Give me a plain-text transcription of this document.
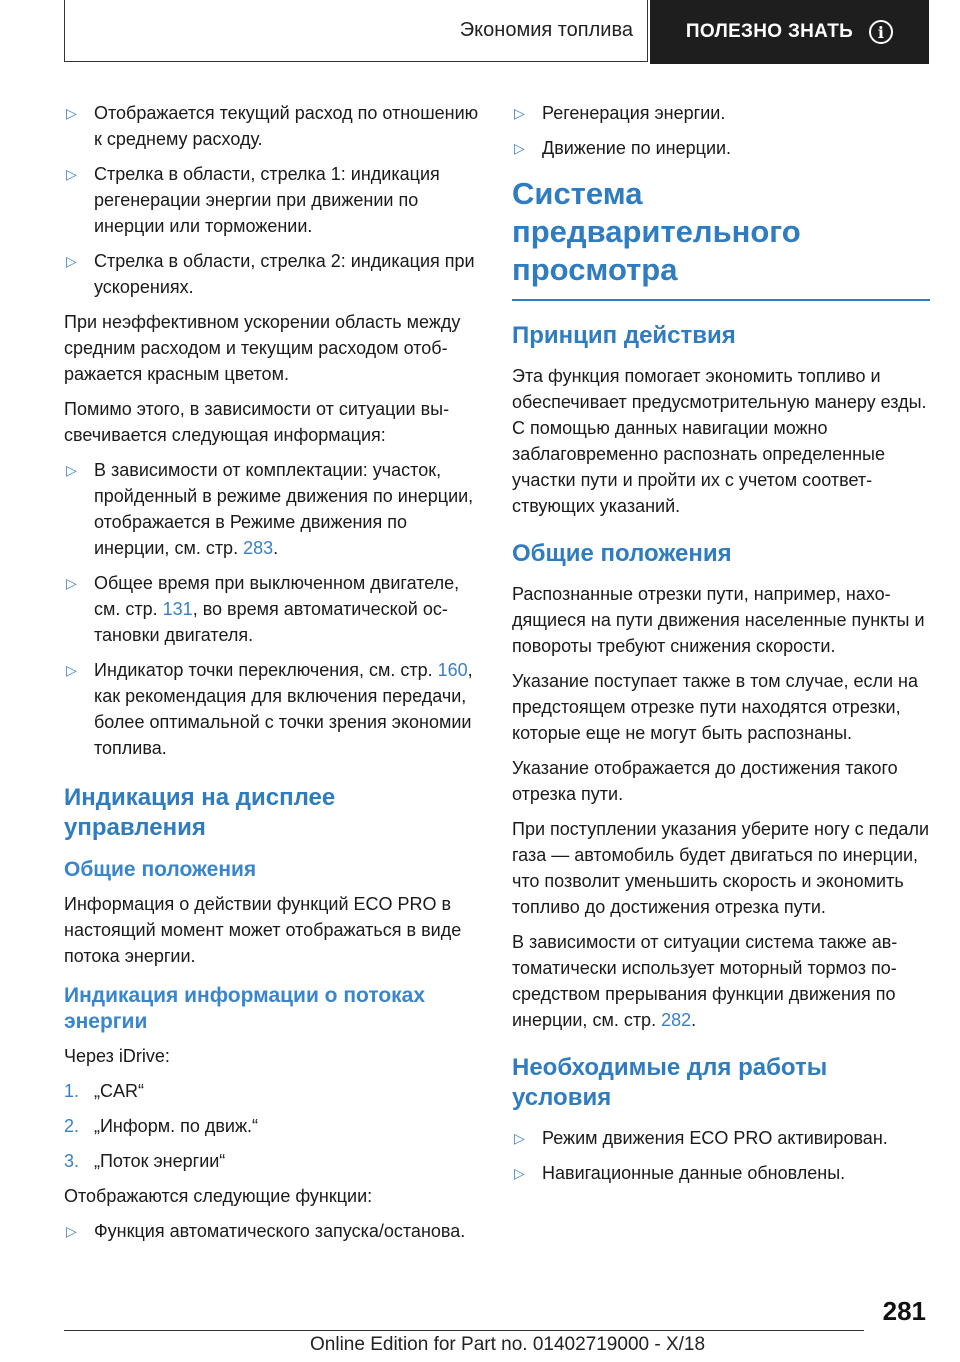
Экономия топлива	ПОЛЕЗНО ЗНАТЬ	i
▷ Отображается текущий расход по отношению к среднему расходу.
▷ Стрелка в области, стрелка 1: индикация регенерации энергии при движении по инерции или торможении.
▷ Стрелка в области, стрелка 2: индикация при ускорениях.

При неэффективном ускорении область между средним расходом и текущим расходом отображается красным цветом.

Помимо этого, в зависимости от ситуации высвечивается следующая информация:

▷ В зависимости от комплектации: участок, пройденный в режиме движения по инерции, отображается в Режиме движения по инерции, см. стр. 283.
▷ Общее время при выключенном двигателе, см. стр. 131, во время автоматической остановки двигателя.
▷ Индикатор точки переключения, см. стр. 160, как рекомендация для включения передачи, более оптимальной с точки зрения экономии топлива.
Индикация на дисплее управления
Общие положения

Информация о действии функций ECO PRO в настоящий момент может отображаться в виде потока энергии.

Индикация информации о потоках энергии

Через iDrive:

1. „CAR“
2. „Информ. по движ.“
3. „Поток энергии“

Отображаются следующие функции:

▷ Функция автоматического запуска/останова.
▷ Регенерация энергии.
▷ Движение по инерции.
Система предварительного просмотра
Принцип действия

Эта функция помогает экономить топливо и обеспечивает предусмотрительную манеру езды. С помощью данных навигации можно заблаговременно распознать определенные участки пути и пройти их с учетом соответствующих указаний.

Общие положения

Распознанные отрезки пути, например, находящиеся на пути движения населенные пункты и повороты требуют снижения скорости.

Указание поступает также в том случае, если на предстоящем отрезке пути находятся отрезки, которые еще не могут быть распознаны.

Указание отображается до достижения такого отрезка пути.

При поступлении указания уберите ногу с педали газа — автомобиль будет двигаться по инерции, что позволит уменьшить скорость и экономить топливо до достижения отрезка пути.

В зависимости от ситуации система также автоматически использует моторный тормоз посредством прерывания функции движения по инерции, см. стр. 282.

Необходимые для работы условия
▷ Режим движения ECO PRO активирован.
▷ Навигационные данные обновлены.
281
Online Edition for Part no. 01402719000 - X/18
